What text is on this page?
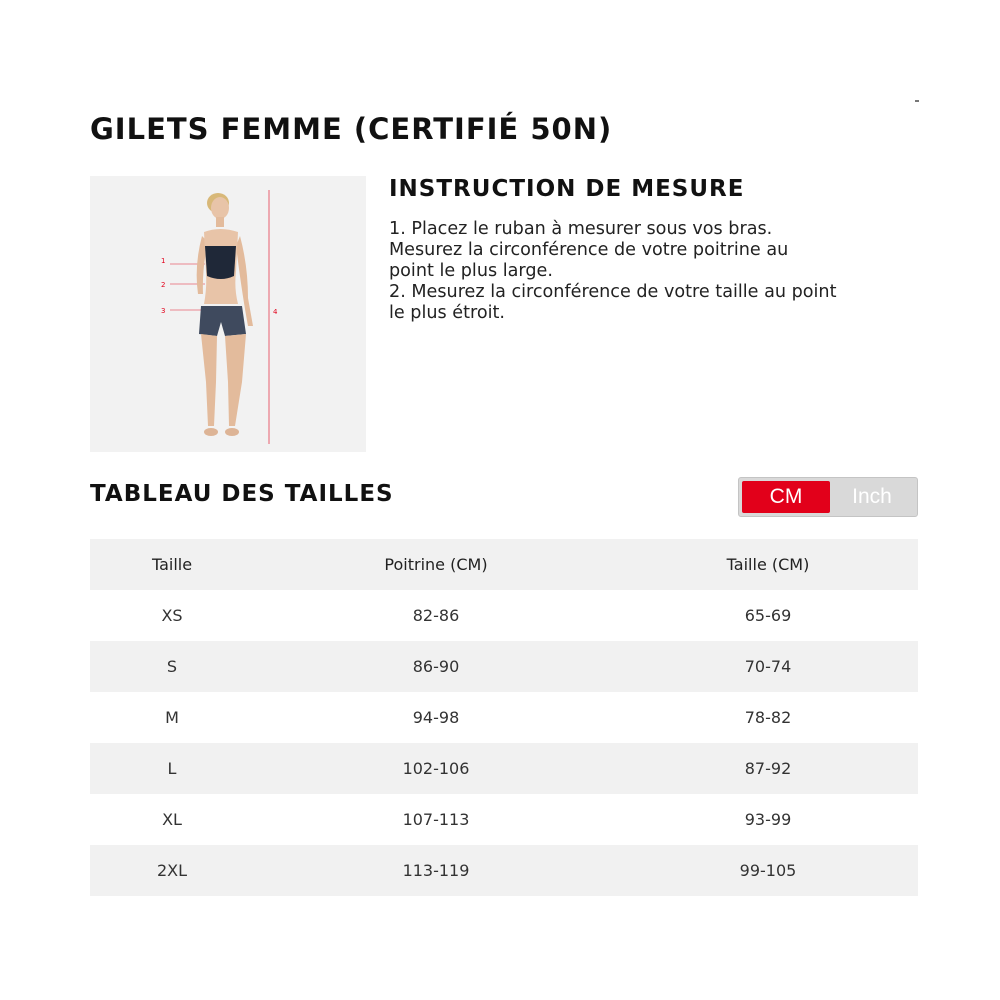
GILETS FEMME (CERTIFIÉ 50N)
1
2
3	4
INSTRUCTION DE MESURE
1. Placez le ruban à mesurer sous vos bras.
Mesurez la circonférence de votre poitrine au
point le plus large.
2. Mesurez la circonférence de votre taille au point
le plus étroit.
TABLEAU DES TAILLES	CM	Inch
Taille	Poitrine (CM)	Taille (CM)
XS	82-86	65-69
S	86-90	70-74
M	94-98	78-82
L	102-106	87-92
XL	107-113	93-99
2XL	113-119	99-105
